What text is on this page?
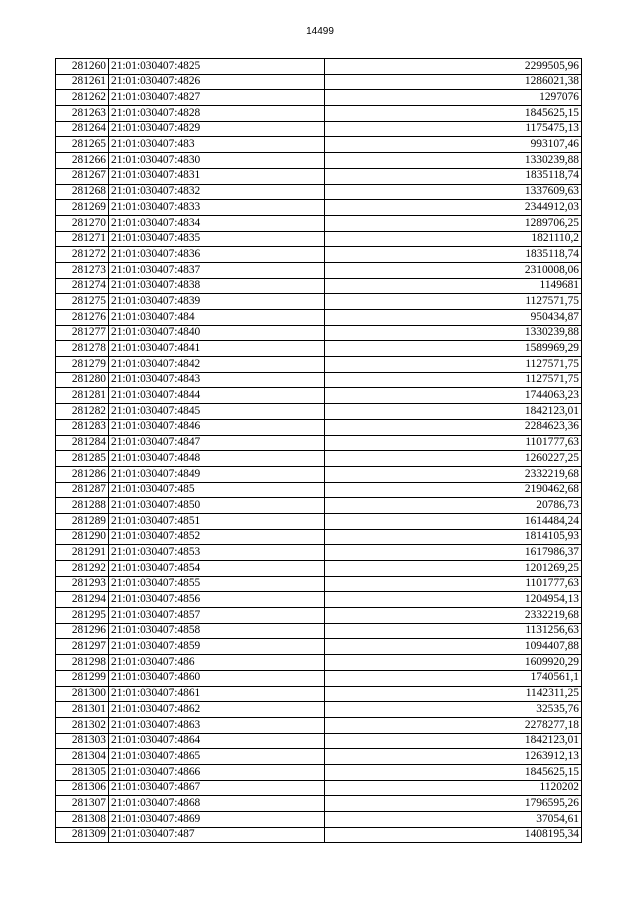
14499
281260	21:01:030407:4825	2299505,96
281261	21:01:030407:4826	1286021,38
281262	21:01:030407:4827	1297076
281263	21:01:030407:4828	1845625,15
281264	21:01:030407:4829	1175475,13
281265	21:01:030407:483	993107,46
281266	21:01:030407:4830	1330239,88
281267	21:01:030407:4831	1835118,74
281268	21:01:030407:4832	1337609,63
281269	21:01:030407:4833	2344912,03
281270	21:01:030407:4834	1289706,25
281271	21:01:030407:4835	1821110,2
281272	21:01:030407:4836	1835118,74
281273	21:01:030407:4837	2310008,06
281274	21:01:030407:4838	1149681
281275	21:01:030407:4839	1127571,75
281276	21:01:030407:484	950434,87
281277	21:01:030407:4840	1330239,88
281278	21:01:030407:4841	1589969,29
281279	21:01:030407:4842	1127571,75
281280	21:01:030407:4843	1127571,75
281281	21:01:030407:4844	1744063,23
281282	21:01:030407:4845	1842123,01
281283	21:01:030407:4846	2284623,36
281284	21:01:030407:4847	1101777,63
281285	21:01:030407:4848	1260227,25
281286	21:01:030407:4849	2332219,68
281287	21:01:030407:485	2190462,68
281288	21:01:030407:4850	20786,73
281289	21:01:030407:4851	1614484,24
281290	21:01:030407:4852	1814105,93
281291	21:01:030407:4853	1617986,37
281292	21:01:030407:4854	1201269,25
281293	21:01:030407:4855	1101777,63
281294	21:01:030407:4856	1204954,13
281295	21:01:030407:4857	2332219,68
281296	21:01:030407:4858	1131256,63
281297	21:01:030407:4859	1094407,88
281298	21:01:030407:486	1609920,29
281299	21:01:030407:4860	1740561,1
281300	21:01:030407:4861	1142311,25
281301	21:01:030407:4862	32535,76
281302	21:01:030407:4863	2278277,18
281303	21:01:030407:4864	1842123,01
281304	21:01:030407:4865	1263912,13
281305	21:01:030407:4866	1845625,15
281306	21:01:030407:4867	1120202
281307	21:01:030407:4868	1796595,26
281308	21:01:030407:4869	37054,61
281309	21:01:030407:487	1408195,34
